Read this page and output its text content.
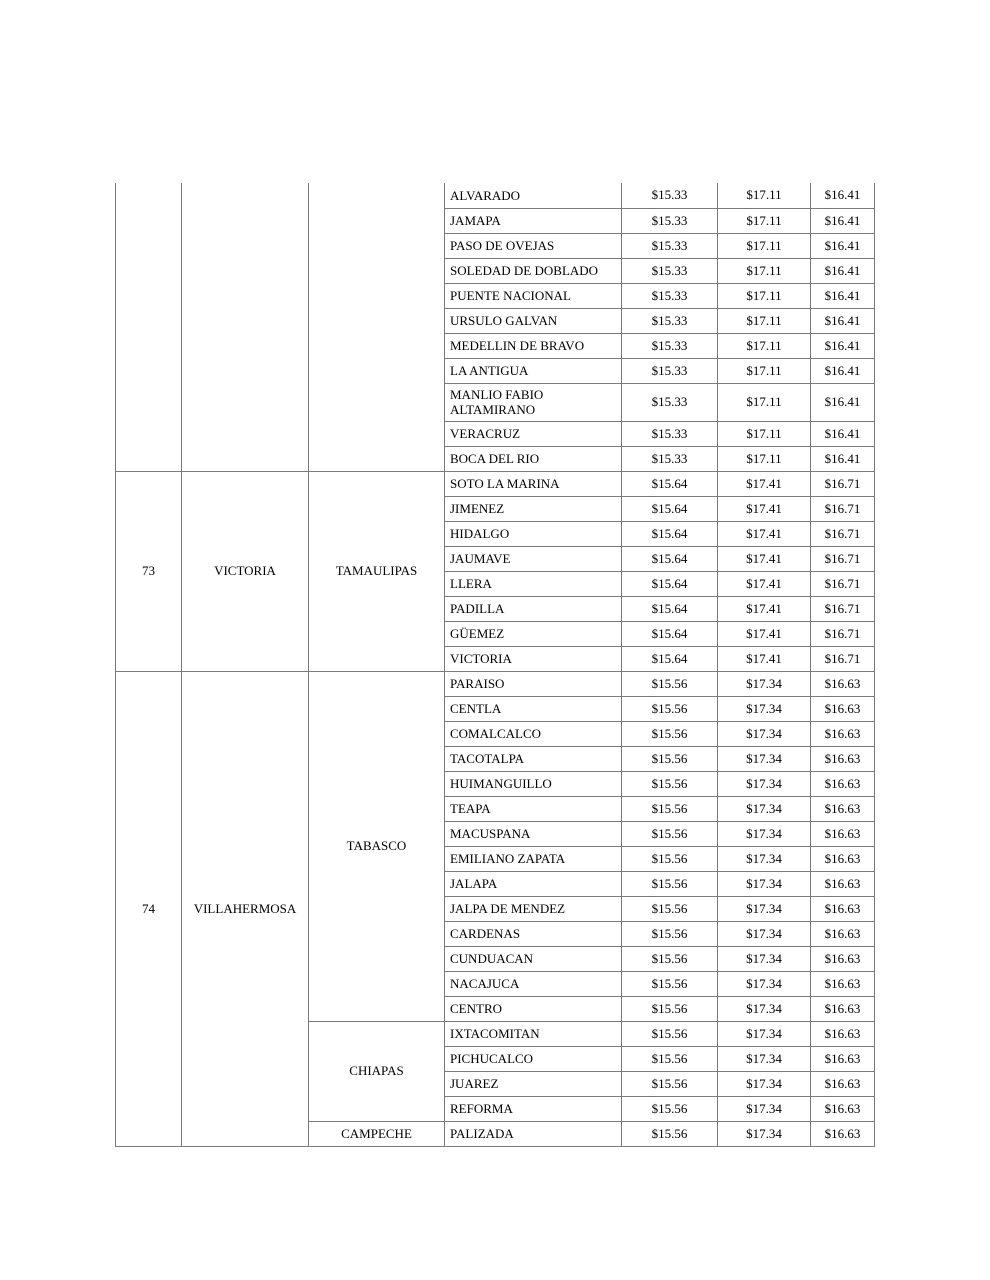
			ALVARADO	$15.33	$17.11	$16.41
			JAMAPA	$15.33	$17.11	$16.41
			PASO DE OVEJAS	$15.33	$17.11	$16.41
			SOLEDAD DE DOBLADO	$15.33	$17.11	$16.41
			PUENTE NACIONAL	$15.33	$17.11	$16.41
			URSULO GALVAN	$15.33	$17.11	$16.41
			MEDELLIN DE BRAVO	$15.33	$17.11	$16.41
			LA ANTIGUA	$15.33	$17.11	$16.41
			MANLIO FABIO ALTAMIRANO	$15.33	$17.11	$16.41
			VERACRUZ	$15.33	$17.11	$16.41
			BOCA DEL RIO	$15.33	$17.11	$16.41
73	VICTORIA	TAMAULIPAS	SOTO LA MARINA	$15.64	$17.41	$16.71
			JIMENEZ	$15.64	$17.41	$16.71
			HIDALGO	$15.64	$17.41	$16.71
			JAUMAVE	$15.64	$17.41	$16.71
			LLERA	$15.64	$17.41	$16.71
			PADILLA	$15.64	$17.41	$16.71
			GÜEMEZ	$15.64	$17.41	$16.71
			VICTORIA	$15.64	$17.41	$16.71
74	VILLAHERMOSA	TABASCO	PARAISO	$15.56	$17.34	$16.63
			CENTLA	$15.56	$17.34	$16.63
			COMALCALCO	$15.56	$17.34	$16.63
			TACOTALPA	$15.56	$17.34	$16.63
			HUIMANGUILLO	$15.56	$17.34	$16.63
			TEAPA	$15.56	$17.34	$16.63
			MACUSPANA	$15.56	$17.34	$16.63
			EMILIANO ZAPATA	$15.56	$17.34	$16.63
			JALAPA	$15.56	$17.34	$16.63
			JALPA DE MENDEZ	$15.56	$17.34	$16.63
			CARDENAS	$15.56	$17.34	$16.63
			CUNDUACAN	$15.56	$17.34	$16.63
			NACAJUCA	$15.56	$17.34	$16.63
			CENTRO	$15.56	$17.34	$16.63
		CHIAPAS	IXTACOMITAN	$15.56	$17.34	$16.63
			PICHUCALCO	$15.56	$17.34	$16.63
			JUAREZ	$15.56	$17.34	$16.63
			REFORMA	$15.56	$17.34	$16.63
		CAMPECHE	PALIZADA	$15.56	$17.34	$16.63
